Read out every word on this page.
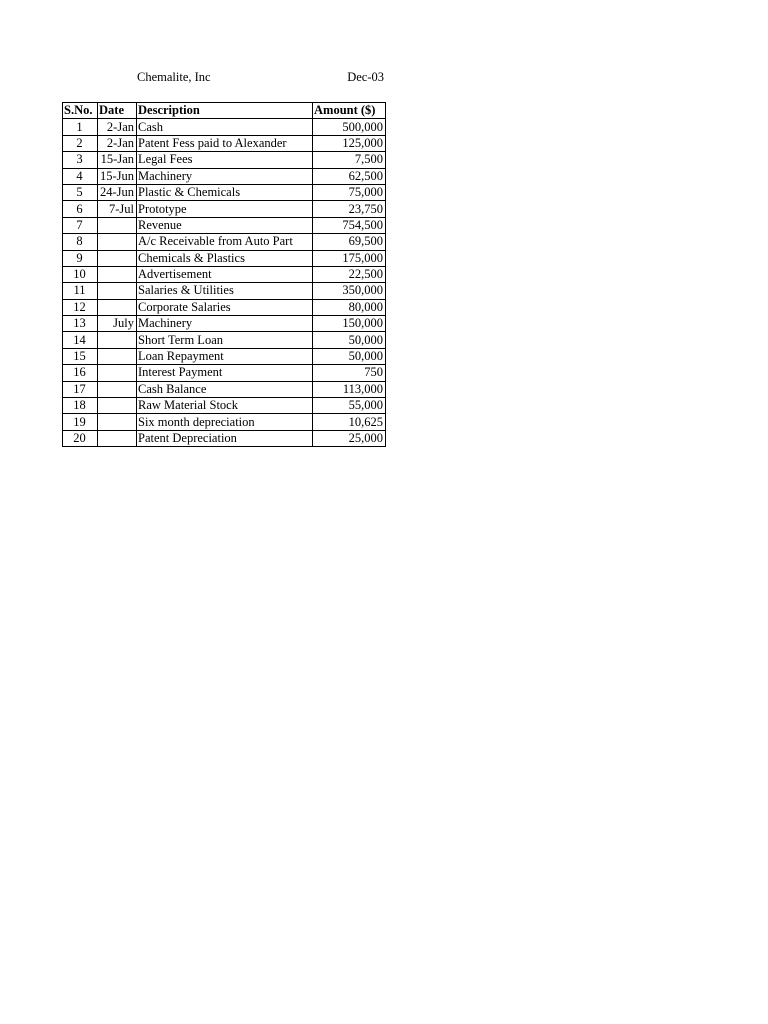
Chemalite, Inc	Dec-03
S.No.	Date	Description	Amount ($)
1	2-Jan	Cash	500,000
2	2-Jan	Patent Fess paid to Alexander	125,000
3	15-Jan	Legal Fees	7,500
4	15-Jun	Machinery	62,500
5	24-Jun	Plastic & Chemicals	75,000
6	7-Jul	Prototype	23,750
7		Revenue	754,500
8		A/c Receivable from Auto Part	69,500
9		Chemicals & Plastics	175,000
10		Advertisement	22,500
11		Salaries & Utilities	350,000
12		Corporate Salaries	80,000
13	July	Machinery	150,000
14		Short Term Loan	50,000
15		Loan Repayment	50,000
16		Interest Payment	750
17		Cash Balance	113,000
18		Raw Material Stock	55,000
19		Six month depreciation	10,625
20		Patent Depreciation	25,000
